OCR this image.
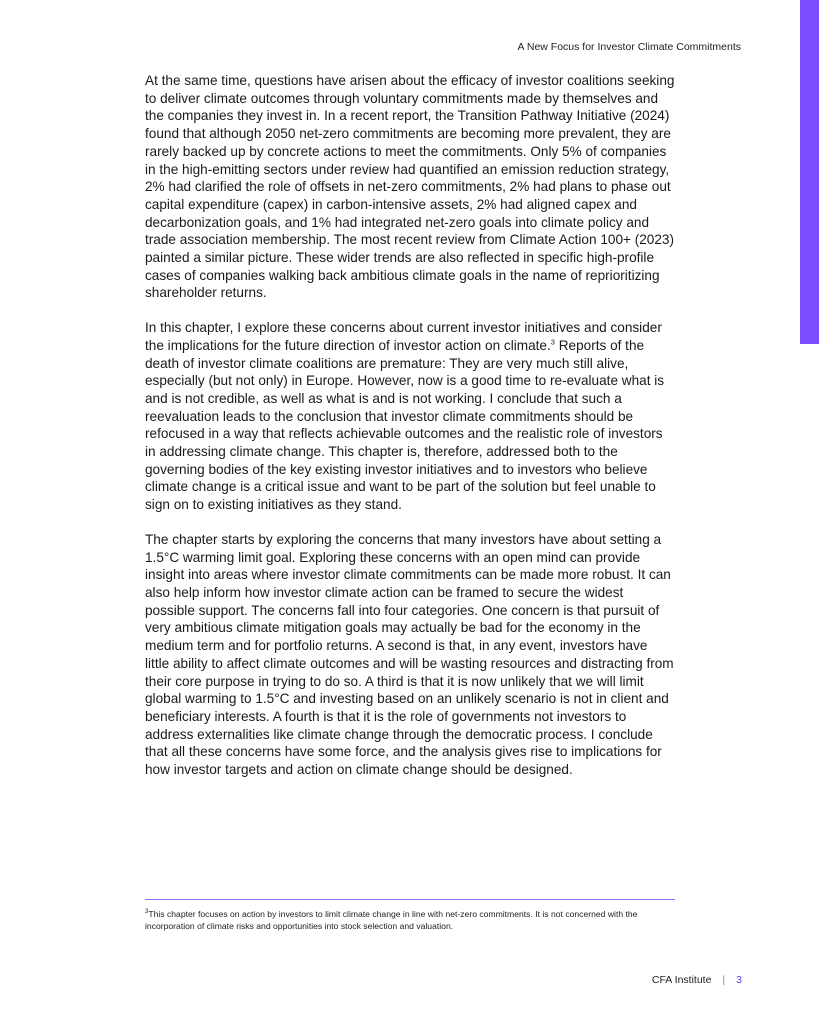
A New Focus for Investor Climate Commitments

At the same time, questions have arisen about the efficacy of investor coalitions seeking to deliver climate outcomes through voluntary commitments made by themselves and the companies they invest in. In a recent report, the Transition Pathway Initiative (2024) found that although 2050 net-zero commitments are becoming more prevalent, they are rarely backed up by concrete actions to meet the commitments. Only 5% of companies in the high-emitting sectors under review had quantified an emission reduction strategy, 2% had clarified the role of offsets in net-zero commitments, 2% had plans to phase out capital expenditure (capex) in carbon-intensive assets, 2% had aligned capex and decarbonization goals, and 1% had integrated net-zero goals into climate policy and trade association membership. The most recent review from Climate Action 100+ (2023) painted a similar picture. These wider trends are also reflected in specific high-profile cases of companies walking back ambitious climate goals in the name of reprioritizing shareholder returns.

In this chapter, I explore these concerns about current investor initiatives and consider the implications for the future direction of investor action on climate.$^3$ Reports of the death of investor climate coalitions are premature: They are very much still alive, especially (but not only) in Europe. However, now is a good time to re-evaluate what is and is not credible, as well as what is and is not working. I conclude that such a reevaluation leads to the conclusion that investor climate commitments should be refocused in a way that reflects achievable outcomes and the realistic role of investors in addressing climate change. This chapter is, therefore, addressed both to the governing bodies of the key existing investor initiatives and to investors who believe climate change is a critical issue and want to be part of the solution but feel unable to sign on to existing initiatives as they stand.

The chapter starts by exploring the concerns that many investors have about setting a 1.5°C warming limit goal. Exploring these concerns with an open mind can provide insight into areas where investor climate commitments can be made more robust. It can also help inform how investor climate action can be framed to secure the widest possible support. The concerns fall into four categories. One concern is that pursuit of very ambitious climate mitigation goals may actually be bad for the economy in the medium term and for portfolio returns. A second is that, in any event, investors have little ability to affect climate outcomes and will be wasting resources and distracting from their core purpose in trying to do so. A third is that it is now unlikely that we will limit global warming to 1.5°C and investing based on an unlikely scenario is not in client and beneficiary interests. A fourth is that it is the role of governments not investors to address externalities like climate change through the democratic process. I conclude that all these concerns have some force, and the analysis gives rise to implications for how investor targets and action on climate change should be designed.

$^3$This chapter focuses on action by investors to limit climate change in line with net-zero commitments. It is not concerned with the incorporation of climate risks and opportunities into stock selection and valuation.
CFA Institute | 3
